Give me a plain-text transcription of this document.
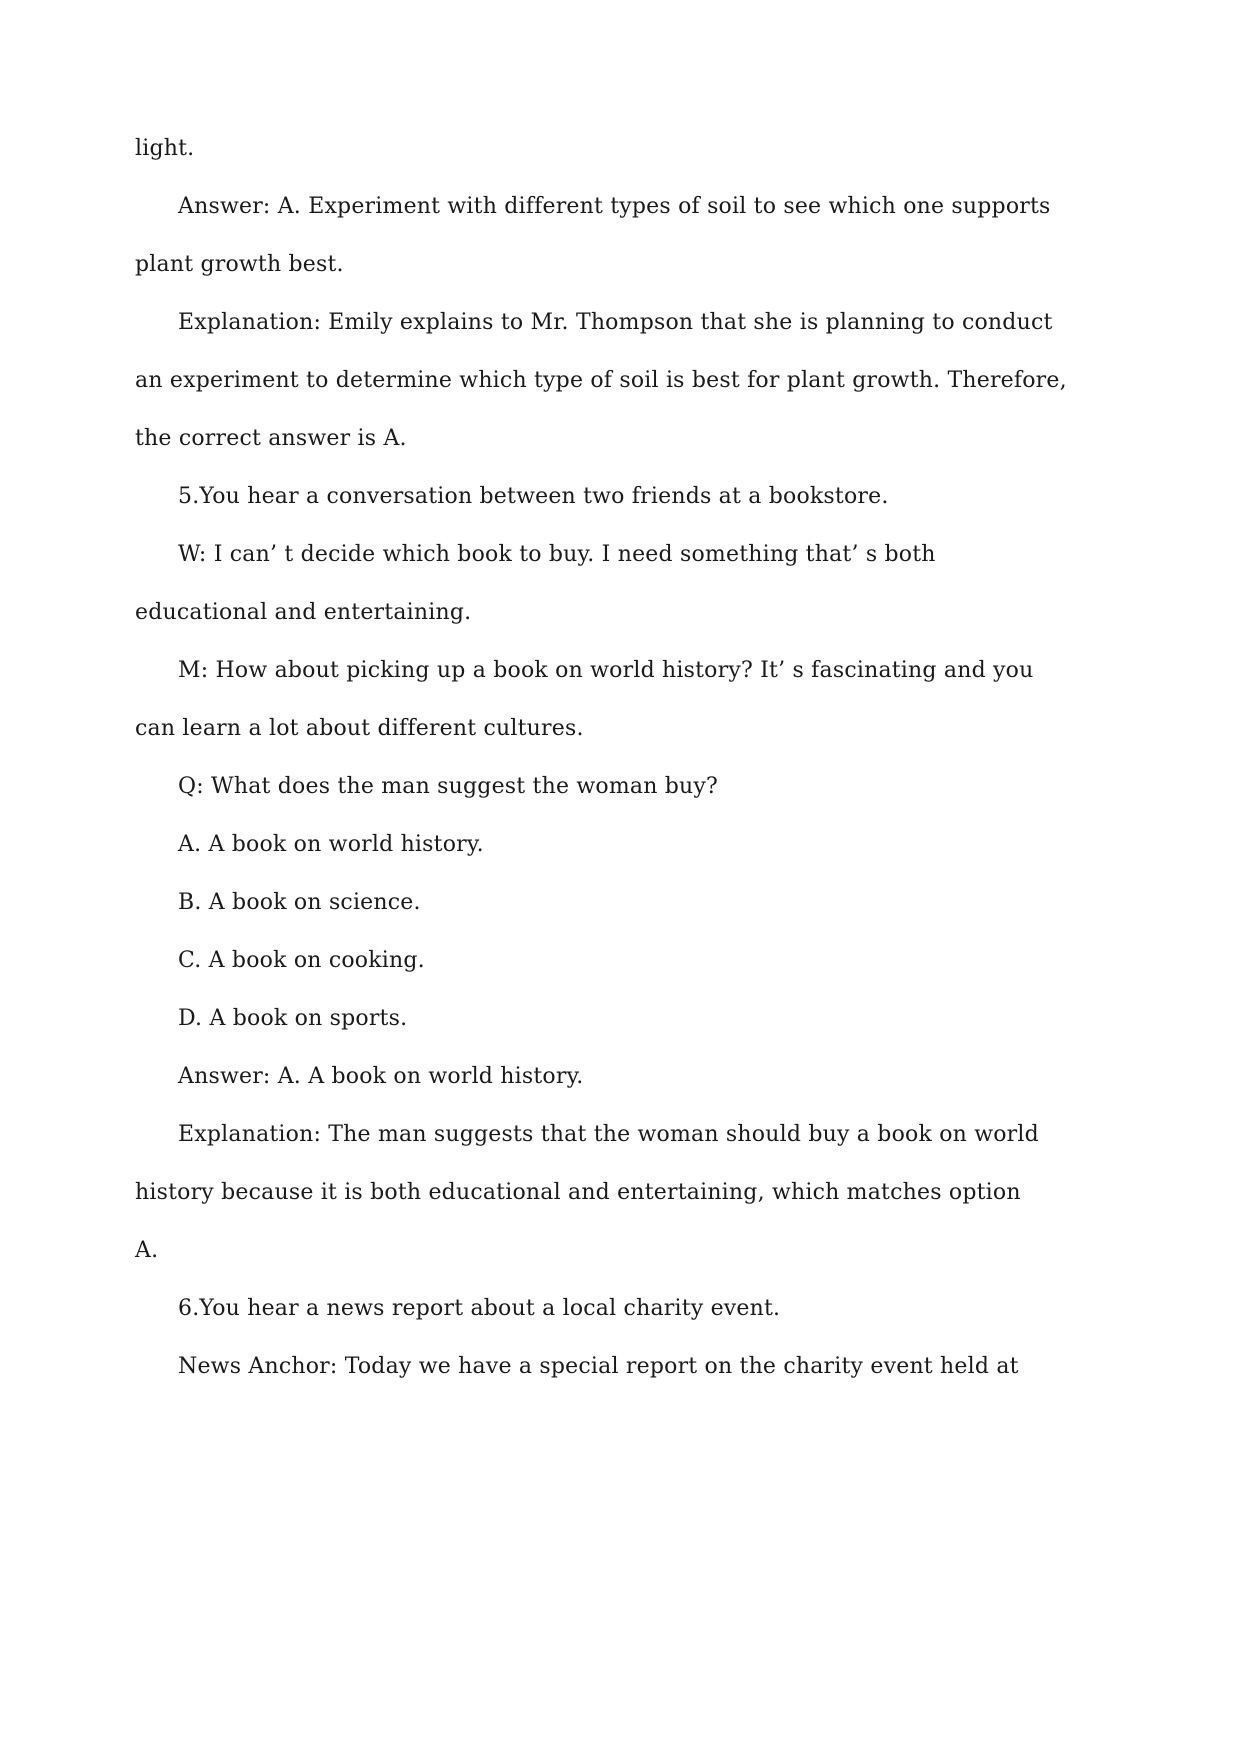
light.
Answer: A. Experiment with different types of soil to see which one supports
plant growth best.
Explanation: Emily explains to Mr. Thompson that she is planning to conduct
an experiment to determine which type of soil is best for plant growth. Therefore,
the correct answer is A.
5.You hear a conversation between two friends at a bookstore.
W: I can’ t decide which book to buy. I need something that’ s both
educational and entertaining.
M: How about picking up a book on world history? It’ s fascinating and you
can learn a lot about different cultures.
Q: What does the man suggest the woman buy?
A. A book on world history.
B. A book on science.
C. A book on cooking.
D. A book on sports.
Answer: A. A book on world history.
Explanation: The man suggests that the woman should buy a book on world
history because it is both educational and entertaining, which matches option
A.
6.You hear a news report about a local charity event.
News Anchor: Today we have a special report on the charity event held at
